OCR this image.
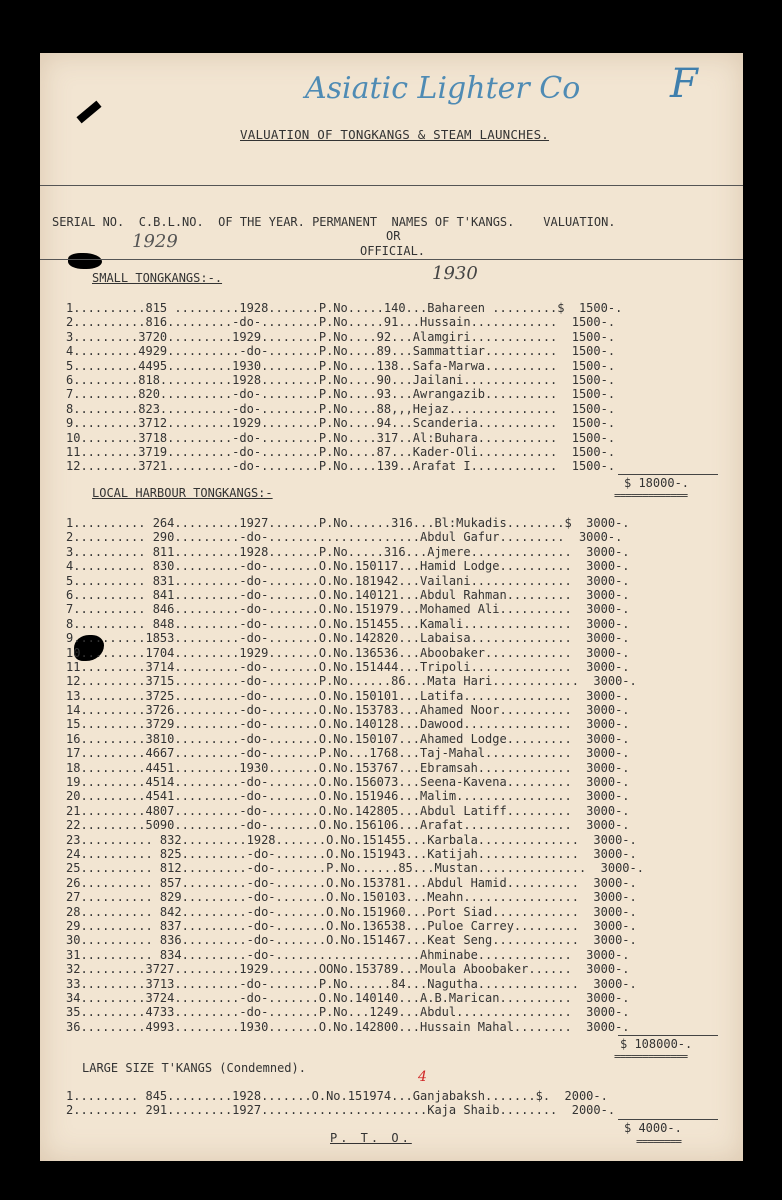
Asiatic Lighter Co F
1929
1930
VALUATION OF TONGKANGS & STEAM LAUNCHES.
SERIAL NO.  C.B.L.NO.  OF THE YEAR. PERMANENT  NAMES OF T'KANGS.    VALUATION.
OR
OFFICIAL.
SMALL TONGKANGS:-.
1..........815 .........1928.......P.No.....140...Bahareen .........$  1500-.
2..........816.........-do-........P.No.....91...Hussain............  1500-.
3.........3720.........1929........P.No....92...Alamgiri............  1500-.
4.........4929..........-do-.......P.No....89...Sammattiar..........  1500-.
5.........4495.........1930........P.No....138..Safa-Marwa..........  1500-.
6.........818..........1928........P.No....90...Jailani.............  1500-.
7.........820..........-do-........P.No....93...Awrangazib..........  1500-.
8.........823..........-do-........P.No....88,,,Hejaz...............  1500-.
9.........3712.........1929........P.No....94...Scanderia...........  1500-.
10........3718.........-do-........P.No....317..Al:Buhara...........  1500-.
11........3719.........-do-........P.No....87...Kader-Oli...........  1500-.
12........3721.........-do-........P.No....139..Arafat I............  1500-.
$ 18000-.
=============
LOCAL HARBOUR TONGKANGS:-
1.......... 264.........1927.......P.No......316...Bl:Mukadis........$  3000-.
2.......... 290.........-do-.....................Abdul Gafur.........  3000-.
3.......... 811.........1928.......P.No.....316...Ajmere..............  3000-.
4.......... 830.........-do-.......O.No.150117...Hamid Lodge..........  3000-.
5.......... 831.........-do-.......O.No.181942...Vailani..............  3000-.
6.......... 841.........-do-.......O.No.140121...Abdul Rahman.........  3000-.
7.......... 846.........-do-.......O.No.151979...Mohamed Ali..........  3000-.
8.......... 848.........-do-.......O.No.151455...Kamali...............  3000-.
9..........1853.........-do-.......O.No.142820...Labaisa..............  3000-.
10.........1704.........1929.......O.No.136536...Aboobaker............  3000-.
11.........3714.........-do-.......O.No.151444...Tripoli..............  3000-.
12.........3715.........-do-.......P.No......86...Mata Hari............  3000-.
13.........3725.........-do-.......O.No.150101...Latifa...............  3000-.
14.........3726.........-do-.......O.No.153783...Ahamed Noor..........  3000-.
15.........3729.........-do-.......O.No.140128...Dawood...............  3000-.
16.........3810.........-do-.......O.No.150107...Ahamed Lodge.........  3000-.
17.........4667.........-do-.......P.No...1768...Taj-Mahal............  3000-.
18.........4451.........1930.......O.No.153767...Ebramsah.............  3000-.
19.........4514.........-do-.......O.No.156073...Seena-Kavena.........  3000-.
20.........4541.........-do-.......O.No.151946...Malim................  3000-.
21.........4807.........-do-.......O.No.142805...Abdul Latiff.........  3000-.
22.........5090.........-do-.......O.No.156106...Arafat...............  3000-.
23.......... 832.........1928.......O.No.151455...Karbala..............  3000-.
24.......... 825.........-do-.......O.No.151943...Katijah..............  3000-.
25.......... 812.........-do-.......P.No......85...Mustan...............  3000-.
26.......... 857.........-do-.......O.No.153781...Abdul Hamid..........  3000-.
27.......... 829.........-do-.......O.No.150103...Meahn................  3000-.
28.......... 842.........-do-.......O.No.151960...Port Siad............  3000-.
29.......... 837.........-do-.......O.No.136538...Puloe Carrey.........  3000-.
30.......... 836.........-do-.......O.No.151467...Keat Seng............  3000-.
31.......... 834.........-do-....................Ahminabe.............  3000-.
32.........3727.........1929.......OONo.153789...Moula Aboobaker......  3000-.
33.........3713.........-do-.......P.No......84...Nagutha..............  3000-.
34.........3724.........-do-.......O.No.140140...A.B.Marican..........  3000-.
35.........4733.........-do-.......P.No...1249...Abdul................  3000-.
36.........4993.........1930.......O.No.142800...Hussain Mahal........  3000-.
$ 108000-.
=============
LARGE SIZE T'KANGS (Condemned).
1......... 845.........1928.......O.No.151974...Ganjabaksh.......$.  2000-.
2......... 291.........1927.......................Kaja Shaib........  2000-.
$ 4000-.
========
4
P. T. O.
